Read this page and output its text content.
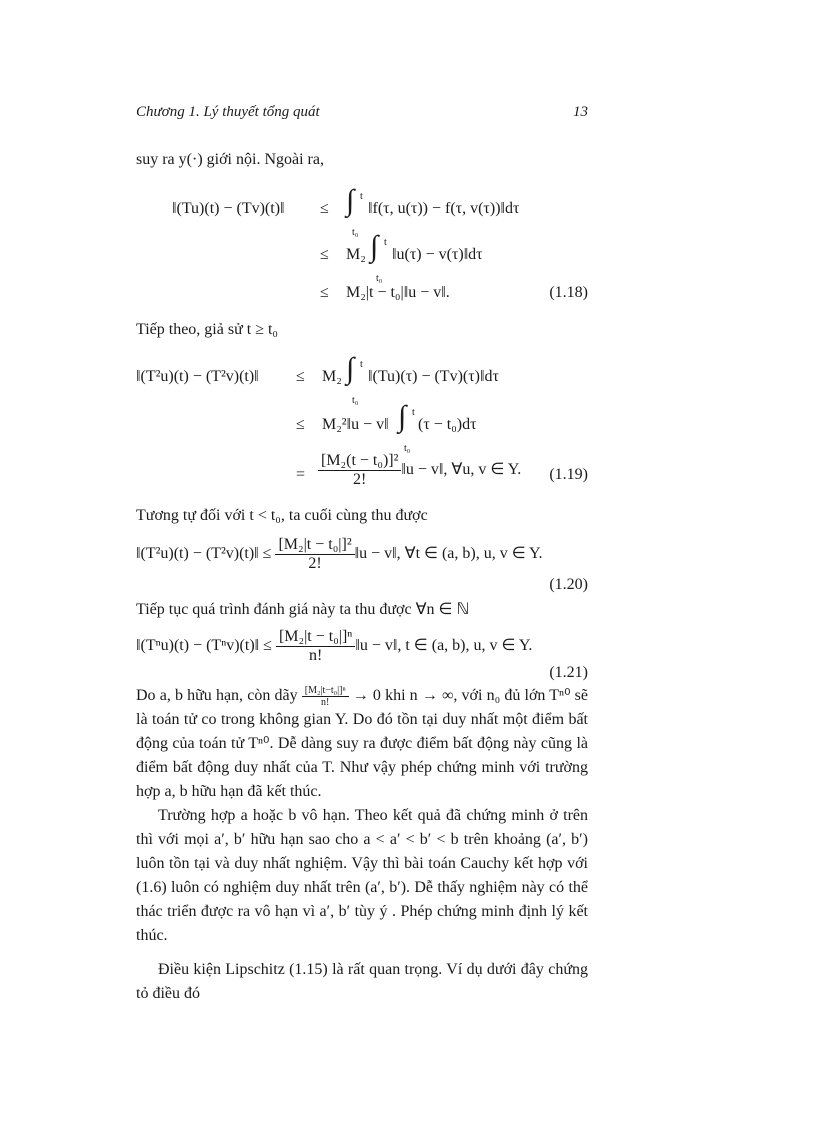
Chương 1. Lý thuyết tổng quát	13
suy ra y(·) giới nội. Ngoài ra,
‖(Tu)(t) − (Tv)(t)‖ ≤ ∫ t
t₀
‖f(τ, u(τ)) − f(τ, v(τ))‖dτ
≤ M₂ ∫ t
t₀
‖u(τ) − v(τ)‖dτ
≤ M₂|t − t₀|‖u − v‖.	(1.18)
Tiếp theo, giả sử t ≥ t₀
‖(T²u)(t) − (T²v)(t)‖ ≤ M₂ ∫ t
t₀
‖(Tu)(τ) − (Tv)(τ)‖dτ
≤ M₂²‖u − v‖ ∫ t
t₀
(τ − t₀)dτ
= $\frac{\text{[M₂(t − t₀)]²}}{2!}$ ‖u − v‖, ∀u, v ∈ Y. (1.19)
Tương tự đối với t < t₀, ta cuối cùng thu được
‖(T²u)(t) − (T²v)(t)‖ ≤ $\frac{\text{[M₂|t − t₀|]²}}{2!}$ ‖u − v‖, ∀t ∈ (a, b), u, v ∈ Y.
(1.20)
Tiếp tục quá trình đánh giá này ta thu được ∀n ∈ ℕ
‖(Tⁿu)(t) − (Tⁿv)(t)‖ ≤ $\frac{\text{[M₂|t − t₀|]ⁿ}}{n!}$ ‖u − v‖, t ∈ (a, b), u, v ∈ Y.
(1.21)
Do a, b hữu hạn, còn dãy $\frac{\text{[M₂|t−t₀|]ⁿ}}{n!} \to 0$ khi n → ∞, với n₀ đủ lớn Tⁿ⁰ sẽ là toán tử co trong không gian Y. Do đó tồn tại duy nhất một điểm bất động của toán tử Tⁿ⁰. Dễ dàng suy ra được điểm bất động này cũng là điểm bất động duy nhất của T. Như vậy phép chứng minh với trường hợp a, b hữu hạn đã kết thúc.
Trường hợp a hoặc b vô hạn. Theo kết quả đã chứng minh ở trên thì với mọi a′, b′ hữu hạn sao cho a < a′ < b′ < b trên khoảng (a′, b′) luôn tồn tại và duy nhất nghiệm. Vậy thì bài toán Cauchy kết hợp với (1.6) luôn có nghiệm duy nhất trên (a′, b′). Dễ thấy nghiệm này có thể thác triển được ra vô hạn vì a′, b′ tùy ý . Phép chứng minh định lý kết thúc.
Điều kiện Lipschitz (1.15) là rất quan trọng. Ví dụ dưới đây chứng tỏ điều đó
